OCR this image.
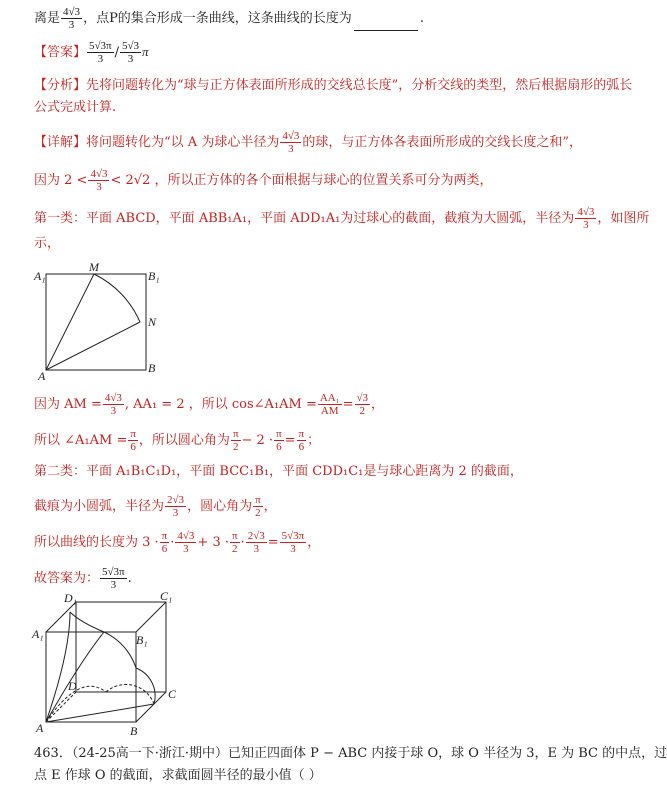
离是 $\frac{4√3}{3}$ ，点P的集合形成一条曲线，这条曲线的长度为	.
【答案】 $\frac{5√3\pi}{3} / \frac{5√3}{3}$ π
【分析】先将问题转化为“球与正方体表面所形成的交线总长度”，分析交线的类型，然后根据扇形的弧长
公式完成计算.
【详解】将问题转化为“以 A 为球心半径为 $\frac{4√3}{3}$ 的球，与正方体各表面所形成的交线长度之和”，
因为 $2 < \frac{4√3}{3} < 2√2$ ，所以正方体的各个面根据与球心的位置关系可分为两类，
第一类：平面 ABCD，平面 ABB₁A₁，平面 ADD₁A₁为过球心的截面，截痕为大圆弧，半径为 $\frac{4√3}{3}$ ，如图所
示，
A₁
M
B₁
N
A
B
因为 AM = $\frac{4√3}{3}$ , AA₁ = 2 ，所以 cos∠A₁AM = $\frac{\text{AA₁}}{AM} = \frac{√3}{2}$ ，
所以 ∠A₁AM = $\frac{\pi}{6}$ ，所以圆心角为 $\frac{\pi}{2} - 2 \cdot \frac{\pi}{6} = \frac{\pi}{6}$ ；
第二类：平面 A₁B₁C₁D₁，平面 BCC₁B₁，平面 CDD₁C₁是与球心距离为 2 的截面，
截痕为小圆弧，半径为 $\frac{2√3}{3}$ ，圆心角为 $\frac{\pi}{2}$ ，
所以曲线的长度为 $3 \cdot \frac{\pi}{6} \cdot \frac{4√3}{3} + 3 \cdot \frac{\pi}{2} \cdot \frac{2√3}{3} = \frac{5√3\pi}{3}$ ，
故答案为： $\frac{5√3\pi}{3}$ .
D₁	C₁
A₁	B₁
D
C
A	B
463．（24-25高一下·浙江·期中）已知正四面体 P − ABC 内接于球 O，球 O 半径为 3，E 为 BC 的中点，过
点 E 作球 O 的截面，求截面圆半径的最小值（ ）
